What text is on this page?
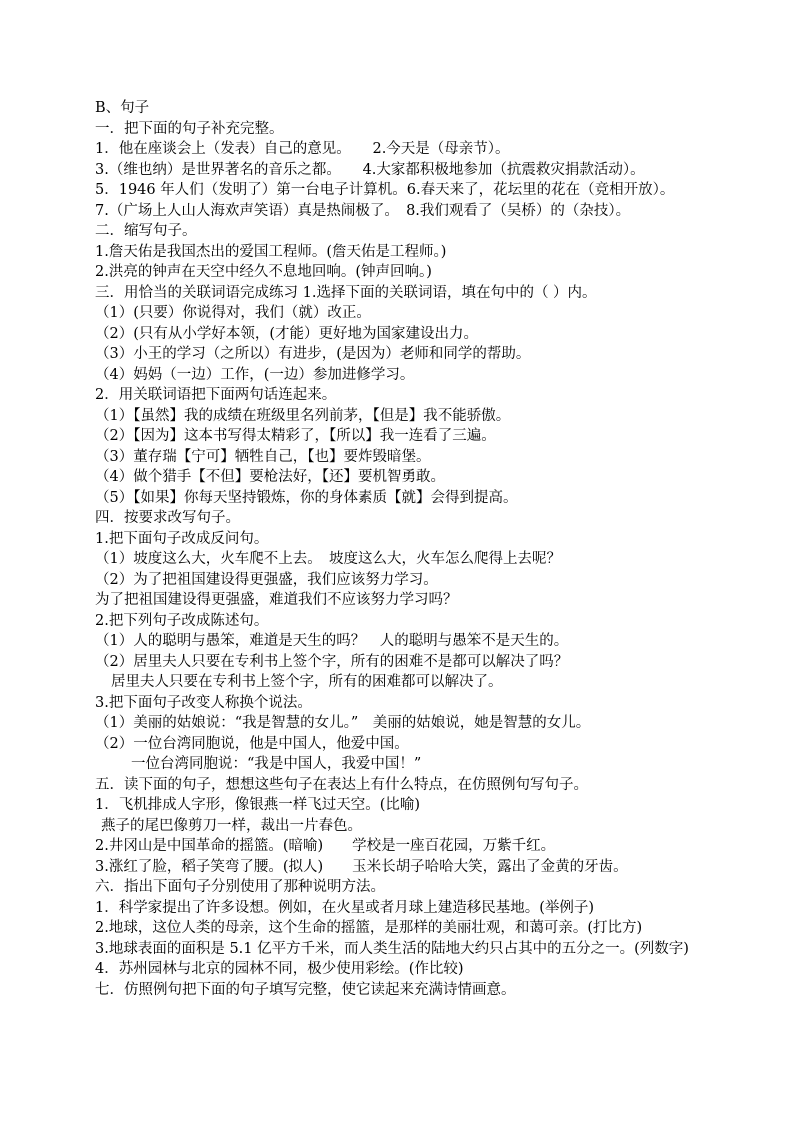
B、句子
一．把下面的句子补充完整。
1．他在座谈会上（发表）自己的意见。　　2.今天是（母亲节）。
3.（维也纳）是世界著名的音乐之都。　　4.大家都积极地参加（抗震救灾捐款活动）。
5．1946 年人们（发明了）第一台电子计算机。6.春天来了，花坛里的花在（竞相开放）。
7.（广场上人山人海欢声笑语）真是热闹极了。　8.我们观看了（吴桥）的（杂技）。
二．缩写句子。
1.詹天佑是我国杰出的爱国工程师。(詹天佑是工程师。)
2.洪亮的钟声在天空中经久不息地回响。(钟声回响。)
三．用恰当的关联词语完成练习 1.选择下面的关联词语，填在句中的（ ）内。
（1）(只要）你说得对，我们（就）改正。
（2）(只有从小学好本领，(才能）更好地为国家建设出力。
（3）小王的学习（之所以）有进步，(是因为）老师和同学的帮助。
（4）妈妈（一边）工作，(一边）参加进修学习。
2．用关联词语把下面两句话连起来。
（1）【虽然】我的成绩在班级里名列前茅，【但是】我不能骄傲。
（2）【因为】这本书写得太精彩了，【所以】我一连看了三遍。
（3）董存瑞【宁可】牺牲自己，【也】要炸毁暗堡。
（4）做个猎手【不但】要枪法好，【还】要机智勇敢。
（5）【如果】你每天坚持锻炼，你的身体素质【就】会得到提高。
四．按要求改写句子。
1.把下面句子改成反问句。
（1）坡度这么大，火车爬不上去。　坡度这么大，火车怎么爬得上去呢？
（2）为了把祖国建设得更强盛，我们应该努力学习。
为了把祖国建设得更强盛，难道我们不应该努力学习吗？
2.把下列句子改成陈述句。
（1）人的聪明与愚笨，难道是天生的吗？　人的聪明与愚笨不是天生的。
（2）居里夫人只要在专利书上签个字，所有的困难不是都可以解决了吗？
居里夫人只要在专利书上签个字，所有的困难都可以解决了。
3.把下面句子改变人称换个说法。
（1）美丽的姑娘说：“我是智慧的女儿。”　美丽的姑娘说，她是智慧的女儿。
（2）一位台湾同胞说，他是中国人，他爱中国。
一位台湾同胞说：“我是中国人，我爱中国！”
五．读下面的句子，想想这些句子在表达上有什么特点，在仿照例句写句子。
1．飞机排成人字形，像银燕一样飞过天空。(比喻)
燕子的尾巴像剪刀一样，裁出一片春色。
2.井冈山是中国革命的摇篮。(暗喻)　　学校是一座百花园，万紫千红。
3.涨红了脸，稻子笑弯了腰。(拟人)　　玉米长胡子哈哈大笑，露出了金黄的牙齿。
六．指出下面句子分别使用了那种说明方法。
1．科学家提出了许多设想。例如，在火星或者月球上建造移民基地。(举例子)
2.地球，这位人类的母亲，这个生命的摇篮，是那样的美丽壮观，和蔼可亲。(打比方)
3.地球表面的面积是 5.1 亿平方千米，而人类生活的陆地大约只占其中的五分之一。(列数字)
4．苏州园林与北京的园林不同，极少使用彩绘。(作比较)
七．仿照例句把下面的句子填写完整，使它读起来充满诗情画意。
